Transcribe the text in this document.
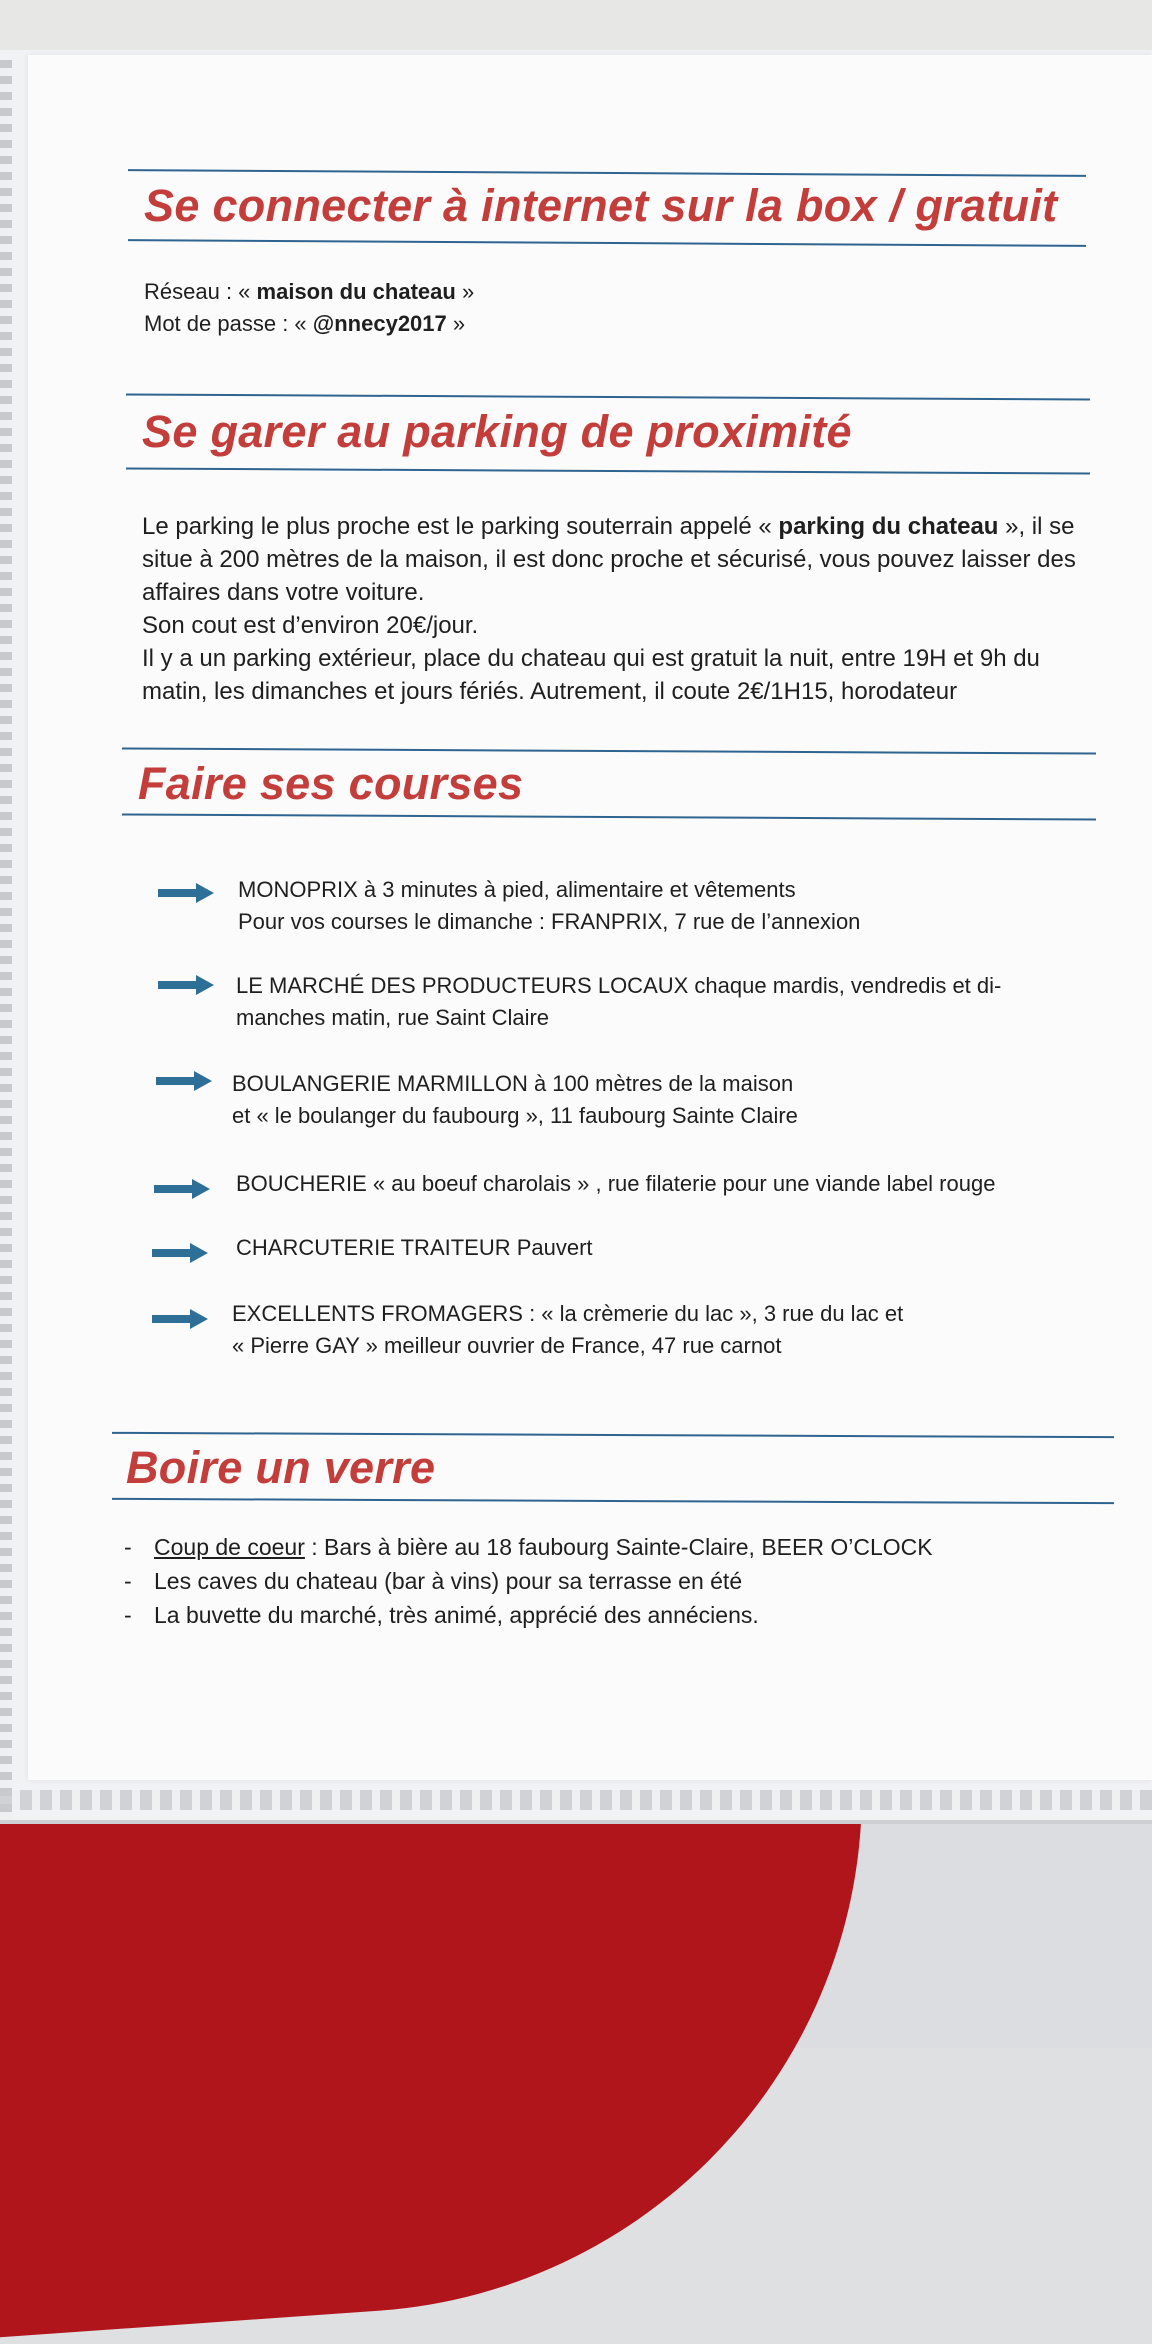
Se connecter à internet sur la box / gratuit
Réseau : « maison du chateau »
Mot de passe : « @nnecy2017 »
Se garer au parking de proximité
Le parking le plus proche est le parking souterrain appelé « parking du chateau », il se situe à 200 mètres de la maison, il est donc proche et sécurisé, vous pouvez laisser des affaires dans votre voiture.
Son cout est d’environ 20€/jour.
Il y a un parking extérieur, place du chateau qui est gratuit la nuit, entre 19H et 9h du matin, les dimanches et jours fériés. Autrement, il coute 2€/1H15, horodateur
Faire ses courses
MONOPRIX à 3 minutes à pied, alimentaire et vêtements
Pour vos courses le dimanche : FRANPRIX, 7 rue de l’annexion
LE MARCHÉ DES PRODUCTEURS LOCAUX chaque mardis, vendredis et di-
manches matin, rue Saint Claire
BOULANGERIE MARMILLON à 100 mètres de la maison
et « le boulanger du faubourg », 11 faubourg Sainte Claire
BOUCHERIE « au boeuf charolais » , rue filaterie pour une viande label rouge
CHARCUTERIE TRAITEUR Pauvert
EXCELLENTS FROMAGERS : « la crèmerie du lac », 3 rue du lac et
« Pierre GAY » meilleur ouvrier de France, 47 rue carnot
Boire un verre
- Coup de coeur : Bars à bière au 18 faubourg Sainte-Claire, BEER O’CLOCK
- Les caves du chateau (bar à vins) pour sa terrasse en été
- La buvette du marché, très animé, apprécié des annéciens.
